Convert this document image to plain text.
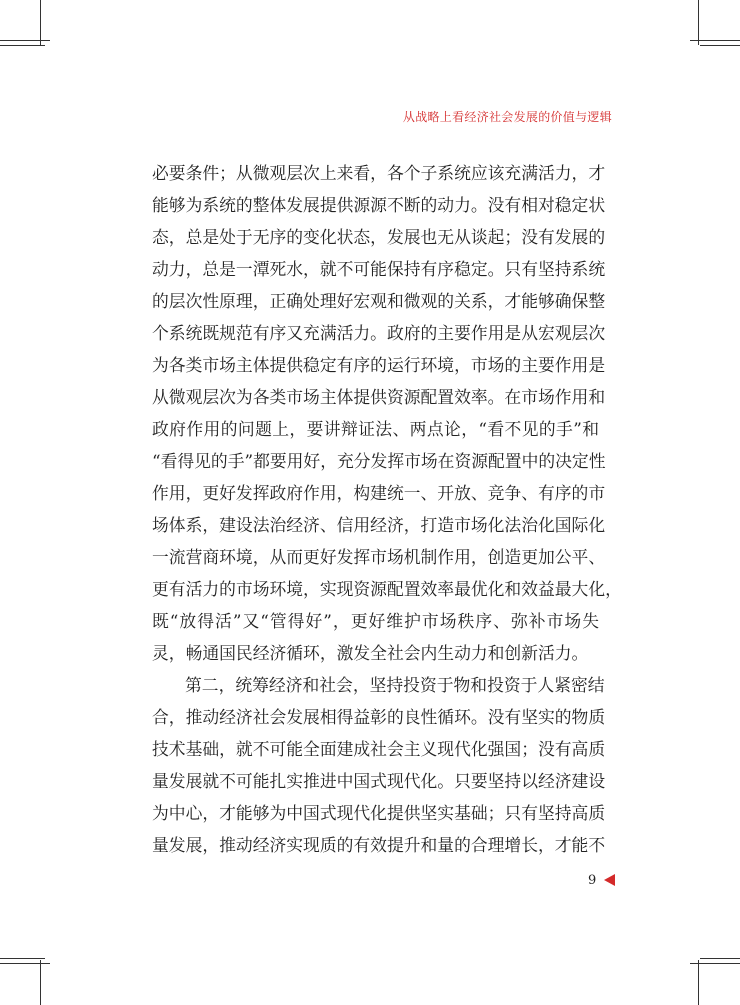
从战略上看经济社会发展的价值与逻辑
必要条件；从微观层次上来看，各个子系统应该充满活力，才
能够为系统的整体发展提供源源不断的动力。没有相对稳定状
态，总是处于无序的变化状态，发展也无从谈起；没有发展的
动力，总是一潭死水，就不可能保持有序稳定。只有坚持系统
的层次性原理，正确处理好宏观和微观的关系，才能够确保整
个系统既规范有序又充满活力。政府的主要作用是从宏观层次
为各类市场主体提供稳定有序的运行环境，市场的主要作用是
从微观层次为各类市场主体提供资源配置效率。在市场作用和
政府作用的问题上，要讲辩证法、两点论，“看不见的手”和
“看得见的手”都要用好，充分发挥市场在资源配置中的决定性
作用，更好发挥政府作用，构建统一、开放、竞争、有序的市
场体系，建设法治经济、信用经济，打造市场化法治化国际化
一流营商环境，从而更好发挥市场机制作用，创造更加公平、
更有活力的市场环境，实现资源配置效率最优化和效益最大化，
既“放得活”又“管得好”，更好维护市场秩序、弥补市场失
灵，畅通国民经济循环，激发全社会内生动力和创新活力。
第二，统筹经济和社会，坚持投资于物和投资于人紧密结
合，推动经济社会发展相得益彰的良性循环。没有坚实的物质
技术基础，就不可能全面建成社会主义现代化强国；没有高质
量发展就不可能扎实推进中国式现代化。只要坚持以经济建设
为中心，才能够为中国式现代化提供坚实基础；只有坚持高质
量发展，推动经济实现质的有效提升和量的合理增长，才能不
9
